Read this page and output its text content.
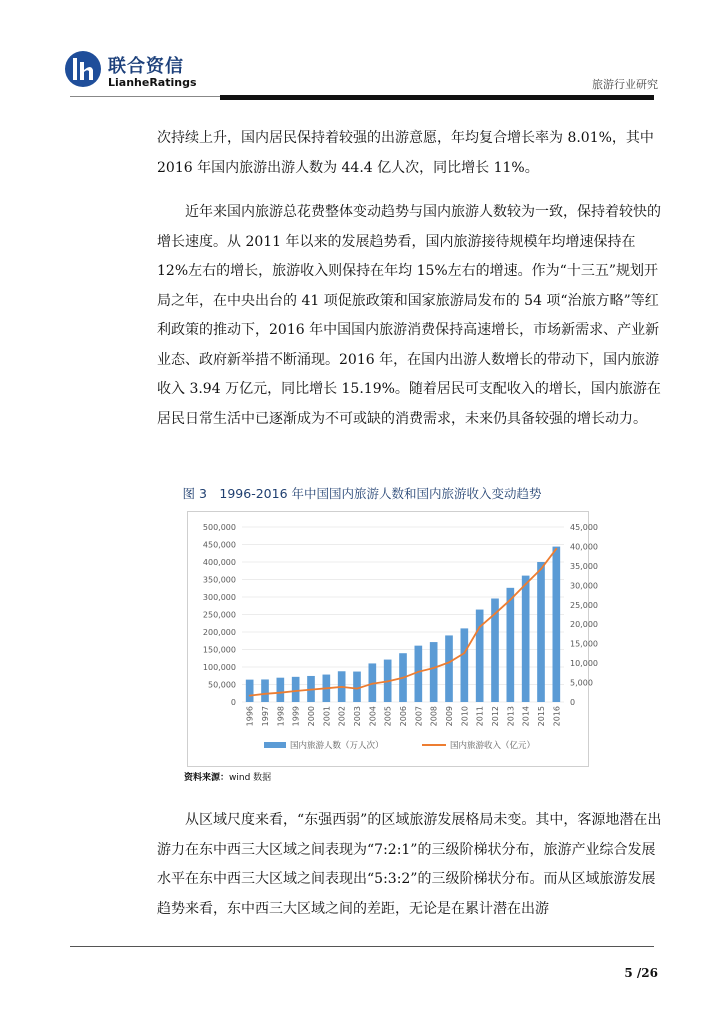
联合资信
LianheRatings	旅游行业研究

次持续上升，国内居民保持着较强的出游意愿，年均复合增长率为 8.01%，其中 2016 年国内旅游出游人数为 44.4 亿人次，同比增长 11%。

近年来国内旅游总花费整体变动趋势与国内旅游人数较为一致，保持着较快的增长速度。从 2011 年以来的发展趋势看，国内旅游接待规模年均增速保持在 12%左右的增长，旅游收入则保持在年均 15%左右的增速。作为“十三五”规划开局之年，在中央出台的 41 项促旅政策和国家旅游局发布的 54 项“治旅方略”等红利政策的推动下，2016 年中国国内旅游消费保持高速增长，市场新需求、产业新业态、政府新举措不断涌现。2016 年，在国内出游人数增长的带动下，国内旅游收入 3.94 万亿元，同比增长 15.19%。随着居民可支配收入的增长，国内旅游在居民日常生活中已逐渐成为不可或缺的消费需求，未来仍具备较强的增长动力。

图 3　1996-2016 年中国国内旅游人数和国内旅游收入变动趋势
0
50,000
100,000
150,000
200,000
250,000
300,000
350,000
400,000
450,000
500,000
0
5,000
10,000
15,000
20,000
25,000
30,000
35,000
40,000
45,000
1996 1997 1998 1999 2000 2001 2002 2003 2004 2005 2006 2007 2008 2009 2010 2011 2012 2013 2014 2015 2016
国内旅游人数（万人次）	国内旅游收入（亿元）
资料来源：wind 数据

从区域尺度来看，“东强西弱”的区域旅游发展格局未变。其中，客源地潜在出游力在东中西三大区域之间表现为“7:2:1”的三级阶梯状分布，旅游产业综合发展水平在东中西三大区域之间表现出“5:3:2”的三级阶梯状分布。而从区域旅游发展趋势来看，东中西三大区域之间的差距，无论是在累计潜在出游

5 /26
